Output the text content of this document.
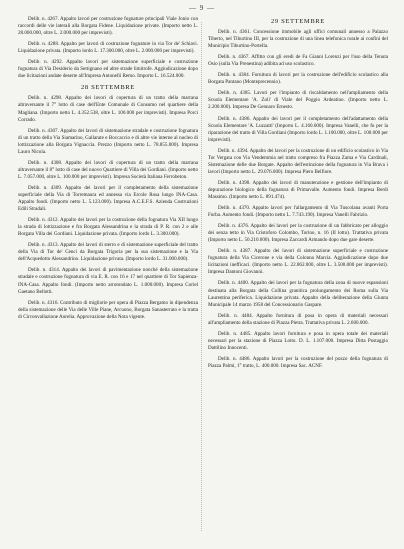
— 9 —

Delib. n. 4267. Appalto lavori per costruzione fognature principali Viale Jonio con raccordi delle vie laterali alla Borgata Fidene. Liquidazione private. (Importo netto L. 28.000.000, oltre L. 2.000.000 per imprevisti).

Delib. n. 4288. Appalto per lavori di costruzione fognature in via Tor de' Schiavi. Liquidazione privata. (Importo lordo L. 17.300.000, oltre L. 2.000.000 per imprevisti).

Delib. n. 4292. Appalto lavori per sistemazione superficiale e costruzione fognatura di Via Desiderio da Settignano ed altre strade limitrofe. Aggiudicazione dopo due licitazioni andate deserte all'Impresa Antonelli Remo. Importo L. 16.524.000.

28 SETTEMBRE

Delib. n. 4298. Appalto dei lavori di copertura di un tratto della marrana altraversante il 7° lotto di case dell'Ente Comunale di Consumo nel quartiere della Magliana. (Importo netto L. 4.352.538, oltre L. 100.000 per imprevisti). Impresa Porci Corrado.

Delib. n. 4307. Appalto dei lavori di sistemazione stradale e costruzione fognatura di un tratto della Via Siamarino, Gallarate e Boccaccio e di altre vie interne al nucleo di lottizzazione alla Borgata Vignaccia. Prezzo (Importo netto L. 78.855.000). Impresa Lauro Nicola.

Delib. n. 4308. Appalto dei lavori di copertura di un tratto della marrana altraversante il 8° lotto di case del nuovo Quartiere di Villa dei Gordiani. (Importo netto L. 7.057.000, oltre L. 100.000 per imprevisti). Impresa Società Italiana Ferrobeton.

Delib. n. 4309. Appalto dei lavori per il completamento della sistemazione superficiale della Via di Torremaura ed annessa via Ercole Rosa lungo INA-Casa. Appalto fondi. (Importo netto L. 5.123.000). Impresa A.C.E.F.S. Azienda Costruzioni Edili Stradali.

Delib. n. 4312. Appalto dei lavori per la costruzione della fognatura Via XII lungo la strada di lottizzazione e fra Borgata Alessandrina e la strada di P. R. con 2 e alle Borgata Villa dei Gordiani. Liquidazione privata. (Importo lordo L. 3.300.000).

Delib. n. 4313. Appalto dei lavori di sterro e di sistemazione superficiale del tratto della Via di Tor de' Cenci da Borgata Trigoria per la sua sistemazione e la Via dell'Acquedotto Alessandrino. Liquidazione privata. (Importo lordo L. 31.000.000).

Delib. n. 4314. Appalto dei lavori di pavimentazione nonché della sistemazione stradale e costruzione fognatura di via E. R. con 16 e 17 nel quartiere di Tor Sapienza-INA-Casa. Appalto fondi. (Importo netto arrotondato L. 1.000.000). Impresa Coriel Gaetano Bellotti.

Delib. n. 4316. Contributo di migliorie per opera di Piazza Bergamo in dipendenza della sistemazione delle Via delle Ville Piane, Arcuono, Borgata Sanasterrato e la tratta di Circonvallazione Aurelia. Approvazione della Nota vigente.

29 SETTEMBRE

Delib. n. 4361. Concessione immobile agli uffici comunali annesso a Palazzo Tiberto, nel Tiburtino III, per la costruzione di una linea telefonica rurale ai confini del Municipio Tiburtino-Portella.

Delib. n. 4367. Affitto con gli eredi de Fa Gianni Lorenzi per l'uso della Tenuta Osio (sulla Via Prenestina) adibita ad uso scolastico.

Delib. n. 4384. Fornitura di lavori per la costruzione dell'edificio scolastico alla Borgata Pantano (Monteprecennio).

Delib. n. 4385. Lavori per l'impianto di riscaldamento nell'ampliamento della Scuola Elementare 'A. Zoli' di Viale del Poggio Ardeatino. (Importo netto L. 2.200.000). Impresa De Gennaro Ernesto.

Delib. n. 4386. Appalto dei lavori per il completamento dell'adattamento della Scuola Elementare 'A. Luzzatti' (Importo L. 4.160.000). Impresa Vanelli, che fu per la riparazione del tratto di Villa Gordiani (Importo lordo L. 1.100.000, oltre L. 100.000 per imprevisti).

Delib. n. 4394. Appalto dei lavori per la costruzione di un edificio scolastico in Via Tor Vergata con Via Vendemmia nel tratto compreso fra Piazza Zama e Via Cardinali, Sistemazione delle due Borgate. Appalto dell'estinzione della fognatura in Via Brava i lavori (Importo netto L. 29.076.000). Impresa Piero Belfiore.

Delib. n. 4398. Appalto dei lavori di manutenzione e gestione dell'impianto di depurazione biologico della fognatura di Primavalle. Aumento fondi. Impresa Berdi Massimo. (Importo netto L. 891.474).

Delib. n. 4370. Appalto lavori per l'allargamento di Via Tuscolana avanti Porta Furba. Aumento fondi. (Importo netto L. 7.743.190). Impresa Vanelli Fabrizio.

Delib. n. 4376. Appalto dei lavori per la costruzione di un fabbricato per alloggio dei senza tetto in Via Cristoforo Colombo, Torino, n. 16 (II lotto). Trattativa privata (Importo netto L. 50.210.000). Impresa Zaccardi Armando dopo due gare deserte.

Delib. n. 4387. Appalto dei lavori di sistemazione superficiale e costruzione fognatura della Via Cicerone e via della Colonna Marcia. Aggiudicazione dopo due licitazioni inefficaci. (Importo netto L. 22.862.000, oltre L. 3.500.000 per imprevisti). Impresa Dantoni Giovanni.

Delib. n. 4400. Appalto dei lavori per la fognatura della zona di nuove espansioni destinata alla Borgata della Collina granitica prolungamento dei Roma sulla Via Laurentina periferica. Liquidazione privata. Appalto della deliberazione della Giunta Municipale 14 marzo 1958 del Concessionario Gaspare.

Delib. n. 4484. Appalto fornitura di posa in opera di materiali necessari all'ampliamento della stazione di Piazza Pietra. Trattativa privata L. 2.600.000.

Delib. n. 4485. Appalto lavori fornitura e posa in opera totale dei materiali necessari per la stazione di Piazza Lotto. D. L. 1.107.000. Impresa Ditta Postaggio Dattilino Innocenti.

Delib. n. 4486. Appalto lavori per la costruzione del pozzo della fognatura di Piazza Palmi, 1° tratto, L. 400.000. Impresa Sac. ACNF.
